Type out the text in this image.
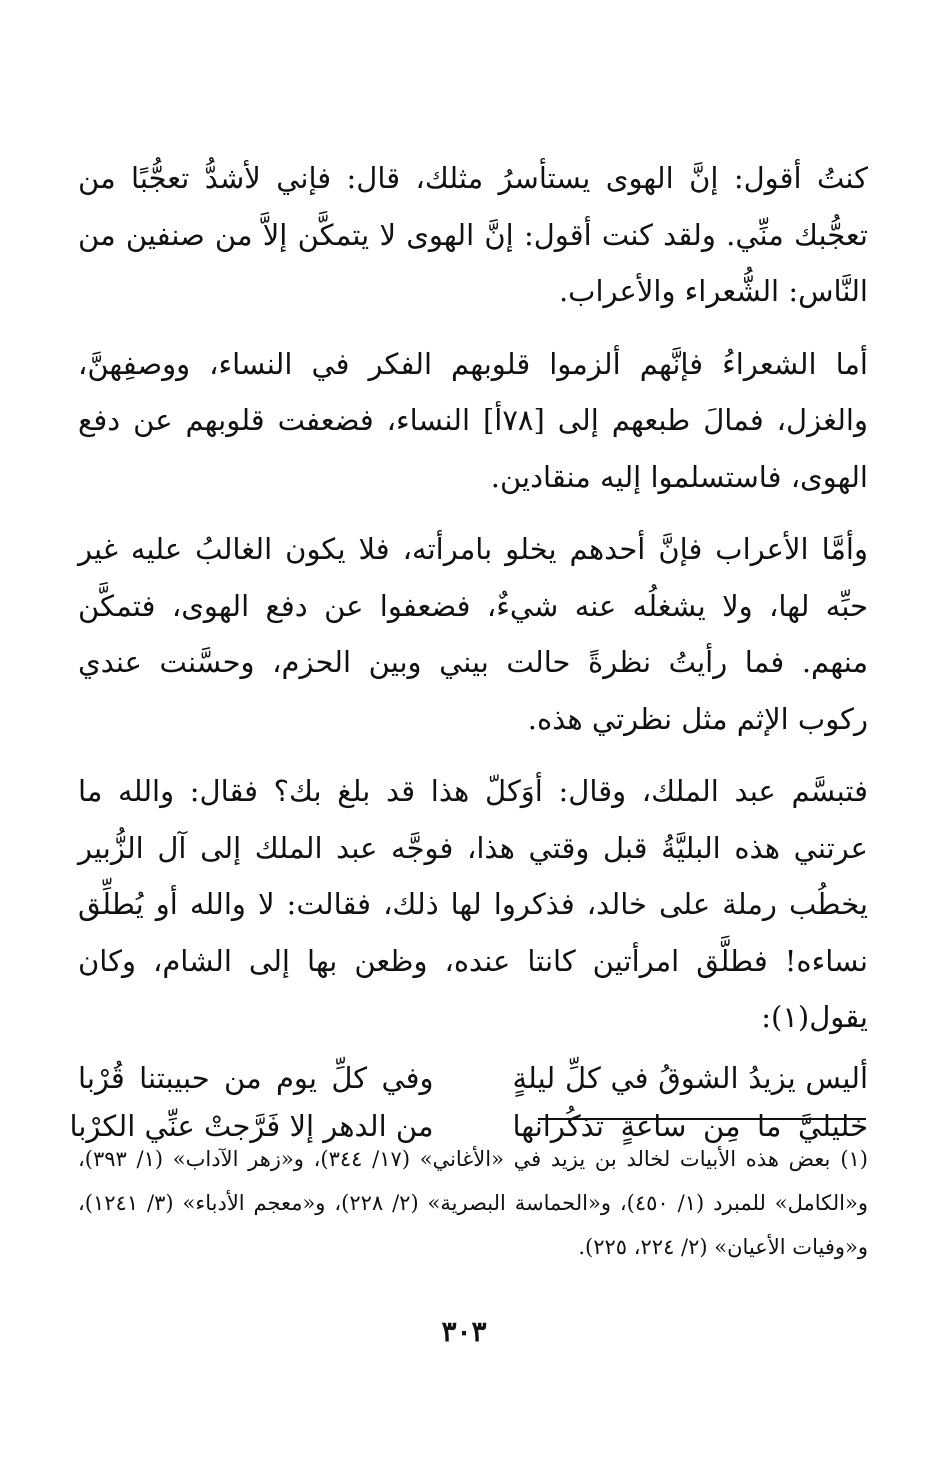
كنتُ أقول: إنَّ الهوى يستأسرُ مثلك، قال: فإني لأشدُّ تعجُّبًا من تعجُّبك منِّي. ولقد كنت أقول: إنَّ الهوى لا يتمكَّن إلاَّ من صنفين من النَّاس: الشُّعراء والأعراب.

أما الشعراءُ فإنَّهم ألزموا قلوبهم الفكر في النساء، ووصفِهنَّ، والغزل، فمالَ طبعهم إلى [٧٨أ] النساء، فضعفت قلوبهم عن دفع الهوى، فاستسلموا إليه منقادين.

وأمَّا الأعراب فإنَّ أحدهم يخلو بامرأته، فلا يكون الغالبُ عليه غير حبِّه لها، ولا يشغلُه عنه شيءٌ، فضعفوا عن دفع الهوى، فتمكَّن منهم. فما رأيتُ نظرةً حالت بيني وبين الحزم، وحسَّنت عندي ركوب الإثم مثل نظرتي هذه.

فتبسَّم عبد الملك، وقال: أوَكلّ هذا قد بلغ بك؟ فقال: والله ما عرتني هذه البليَّةُ قبل وقتي هذا، فوجَّه عبد الملك إلى آل الزُّبير يخطُب رملة على خالد، فذكروا لها ذلك، فقالت: لا والله أو يُطلِّق نساءه! فطلَّق امرأتين كانتا عنده، وظعن بها إلى الشام، وكان يقول(١):

أليس يزيدُ الشوقُ في كلِّ ليلةٍ
وفي كلِّ يوم من حبيبتنا قُرْبا
خليليَّ ما مِن ساعةٍ تذكُرانها
من الدهر إلا فَرَّجتْ عنِّي الكرْبا

(١)بعض هذه الأبيات لخالد بن يزيد في «الأغاني» (١٧/ ٣٤٤)، و«زهر الآداب» (١/ ٣٩٣)، و«الكامل» للمبرد (١/ ٤٥٠)، و«الحماسة البصرية» (٢/ ٢٢٨)، و«معجم الأدباء» (٣/ ١٢٤١)، و«وفيات الأعيان» (٢/ ٢٢٤، ٢٢٥).

٣٠٣
